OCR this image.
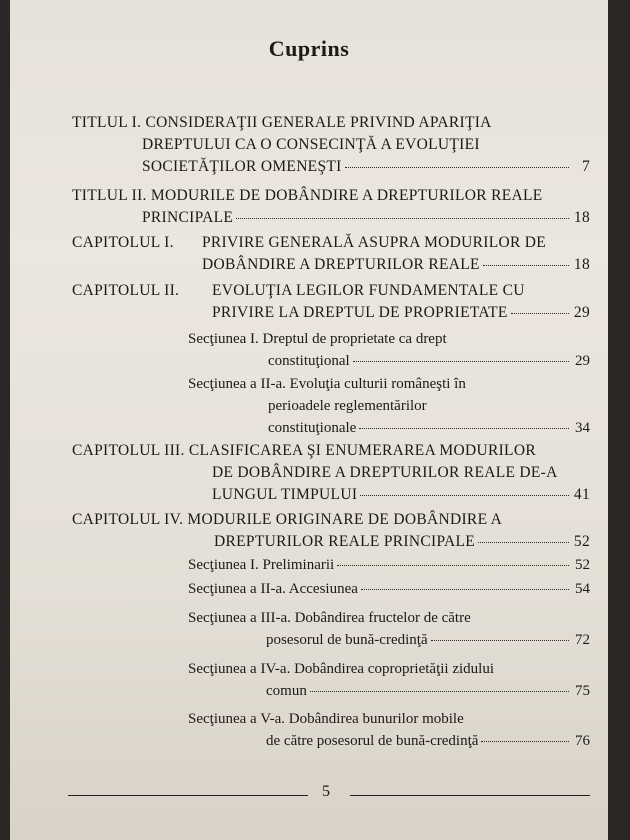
Cuprins
TITLUL I. CONSIDERAŢII GENERALE PRIVIND APARIŢIA
DREPTULUI CA O CONSECINŢĂ A EVOLUŢIEI
SOCIETĂŢILOR OMENEŞTI	7
TITLUL II. MODURILE DE DOBÂNDIRE A DREPTURILOR REALE
PRINCIPALE	18
CAPITOLUL I.	PRIVIRE GENERALĂ ASUPRA MODURILOR DE
DOBÂNDIRE A DREPTURILOR REALE	18
CAPITOLUL II.	EVOLUŢIA LEGILOR FUNDAMENTALE CU
PRIVIRE LA DREPTUL DE PROPRIETATE	29
Secţiunea I. Dreptul de proprietate ca drept
constituţional	29
Secţiunea a II-a. Evoluţia culturii româneşti în
perioadele reglementărilor
constituţionale	34
CAPITOLUL III. CLASIFICAREA ŞI ENUMERAREA MODURILOR
DE DOBÂNDIRE A DREPTURILOR REALE DE-A
LUNGUL TIMPULUI	41
CAPITOLUL IV. MODURILE ORIGINARE DE DOBÂNDIRE A
DREPTURILOR REALE PRINCIPALE	52
Secţiunea I. Preliminarii	52
Secţiunea a II-a. Accesiunea	54
Secţiunea a III-a. Dobândirea fructelor de către
posesorul de bună-credinţă	72
Secţiunea a IV-a. Dobândirea coproprietăţii zidului
comun	75
Secţiunea a V-a. Dobândirea bunurilor mobile
de către posesorul de bună-credinţă	76
5
